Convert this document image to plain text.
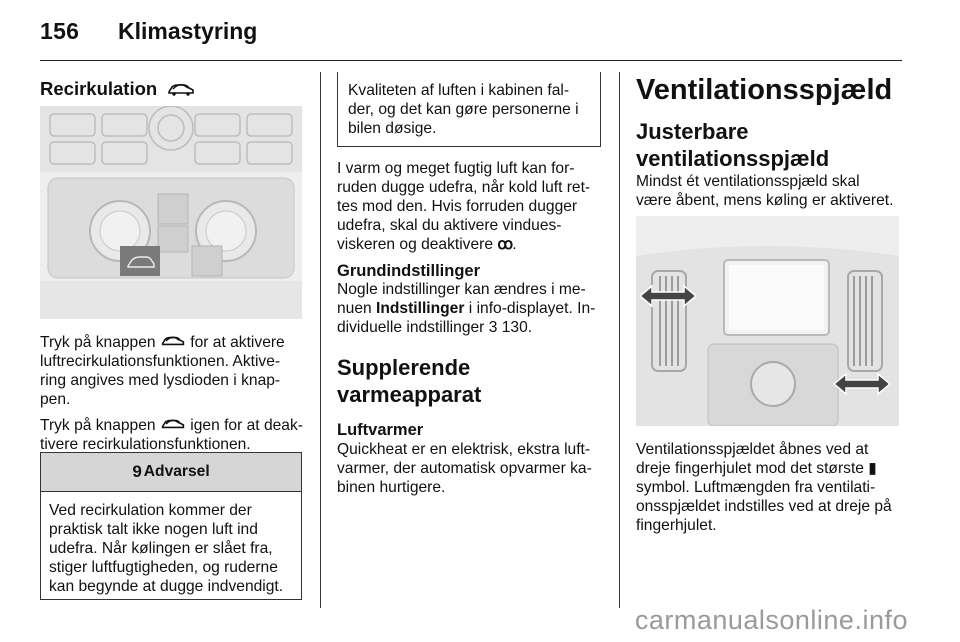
156 Klimastyring
Recirkulation
Tryk på knappen for at aktivere
luftrecirkulationsfunktionen. Aktive-
ring angives med lysdioden i knap-
pen.
Tryk på knappen igen for at deak-
tivere recirkulationsfunktionen.
9 Advarsel
Ved recirkulation kommer der
praktisk talt ikke nogen luft ind
udefra. Når kølingen er slået fra,
stiger luftfugtigheden, og ruderne
kan begynde at dugge indvendigt.
Kvaliteten af luften i kabinen fal-
der, og det kan gøre personerne i
bilen døsige.
I varm og meget fugtig luft kan for-
ruden dugge udefra, når kold luft ret-
tes mod den. Hvis forruden dugger
udefra, skal du aktivere vindues-
viskeren og deaktivere ꝏ.
Grundindstillinger
Nogle indstillinger kan ændres i me-
nuen Indstillinger i info-displayet. In-
dividuelle indstillinger 3 130.
Supplerende
varmeapparat
Luftvarmer
Quickheat er en elektrisk, ekstra luft-
varmer, der automatisk opvarmer ka-
binen hurtigere.
Ventilationsspjæld
Justerbare
ventilationsspjæld
Mindst ét ventilationsspjæld skal
være åbent, mens køling er aktiveret.
Ventilationsspjældet åbnes ved at
dreje fingerhjulet mod det største ▮
symbol. Luftmængden fra ventilati-
onsspjældet indstilles ved at dreje på
fingerhjulet.
carmanualsonline.info
